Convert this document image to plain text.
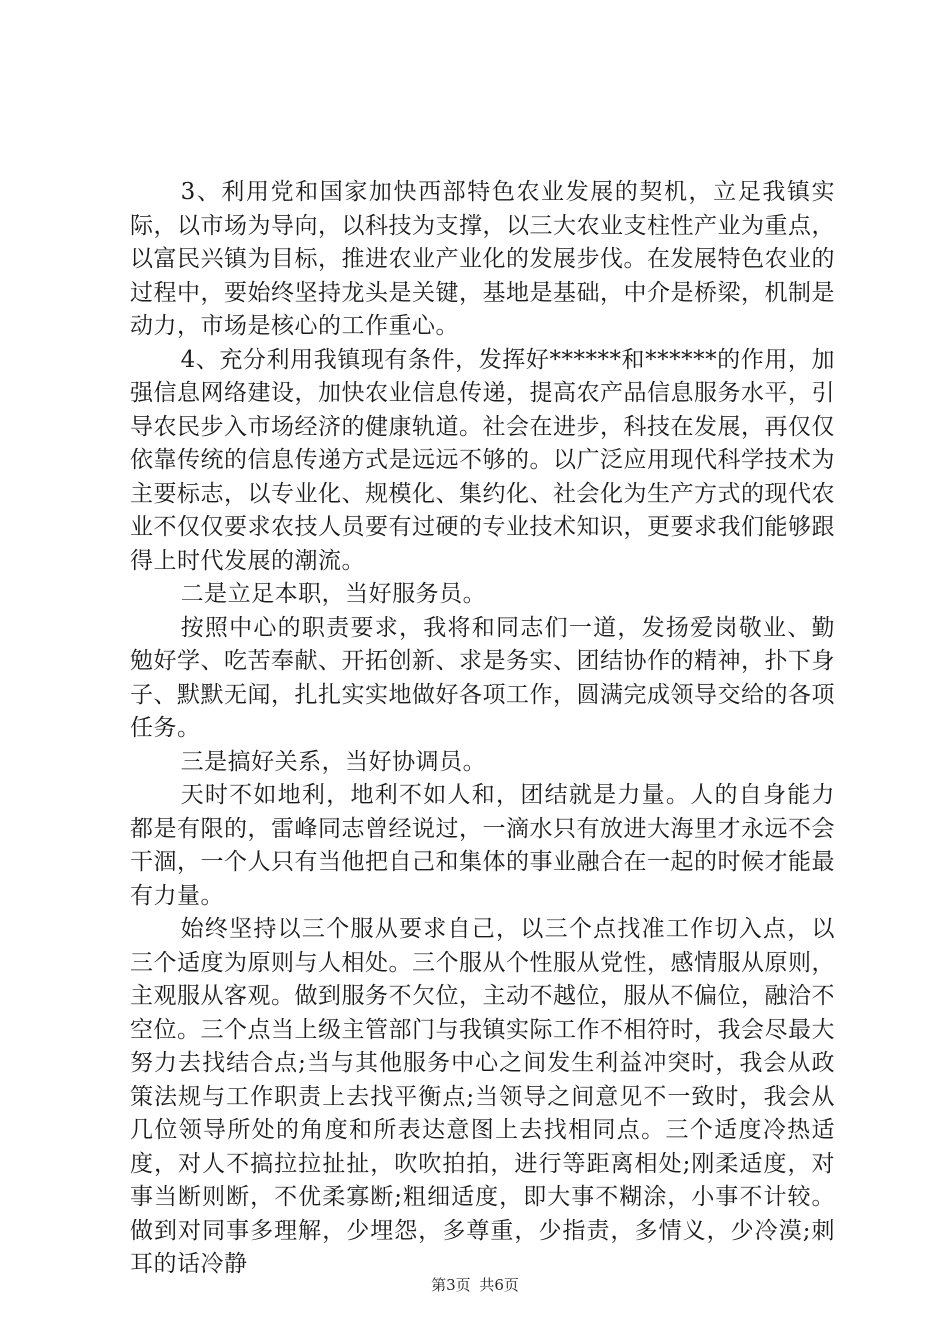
3、利用党和国家加快西部特色农业发展的契机，立足我镇实际，以市场为导向，以科技为支撑，以三大农业支柱性产业为重点，以富民兴镇为目标，推进农业产业化的发展步伐。在发展特色农业的过程中，要始终坚持龙头是关键，基地是基础，中介是桥梁，机制是动力，市场是核心的工作重心。

4、充分利用我镇现有条件，发挥好******和******的作用，加强信息网络建设，加快农业信息传递，提高农产品信息服务水平，引导农民步入市场经济的健康轨道。社会在进步，科技在发展，再仅仅依靠传统的信息传递方式是远远不够的。以广泛应用现代科学技术为主要标志，以专业化、规模化、集约化、社会化为生产方式的现代农业不仅仅要求农技人员要有过硬的专业技术知识，更要求我们能够跟得上时代发展的潮流。

二是立足本职，当好服务员。

按照中心的职责要求，我将和同志们一道，发扬爱岗敬业、勤勉好学、吃苦奉献、开拓创新、求是务实、团结协作的精神，扑下身子、默默无闻，扎扎实实地做好各项工作，圆满完成领导交给的各项任务。

三是搞好关系，当好协调员。

天时不如地利，地利不如人和，团结就是力量。人的自身能力都是有限的，雷峰同志曾经说过，一滴水只有放进大海里才永远不会干涸，一个人只有当他把自己和集体的事业融合在一起的时候才能最有力量。

始终坚持以三个服从要求自己，以三个点找准工作切入点，以三个适度为原则与人相处。三个服从个性服从党性，感情服从原则，主观服从客观。做到服务不欠位，主动不越位，服从不偏位，融洽不空位。三个点当上级主管部门与我镇实际工作不相符时，我会尽最大努力去找结合点;当与其他服务中心之间发生利益冲突时，我会从政策法规与工作职责上去找平衡点;当领导之间意见不一致时，我会从几位领导所处的角度和所表达意图上去找相同点。三个适度冷热适度，对人不搞拉拉扯扯，吹吹拍拍，进行等距离相处;刚柔适度，对事当断则断，不优柔寡断;粗细适度，即大事不糊涂，小事不计较。做到对同事多理解，少埋怨，多尊重，少指责，多情义，少冷漠;刺耳的话冷静

第3页 共6页
